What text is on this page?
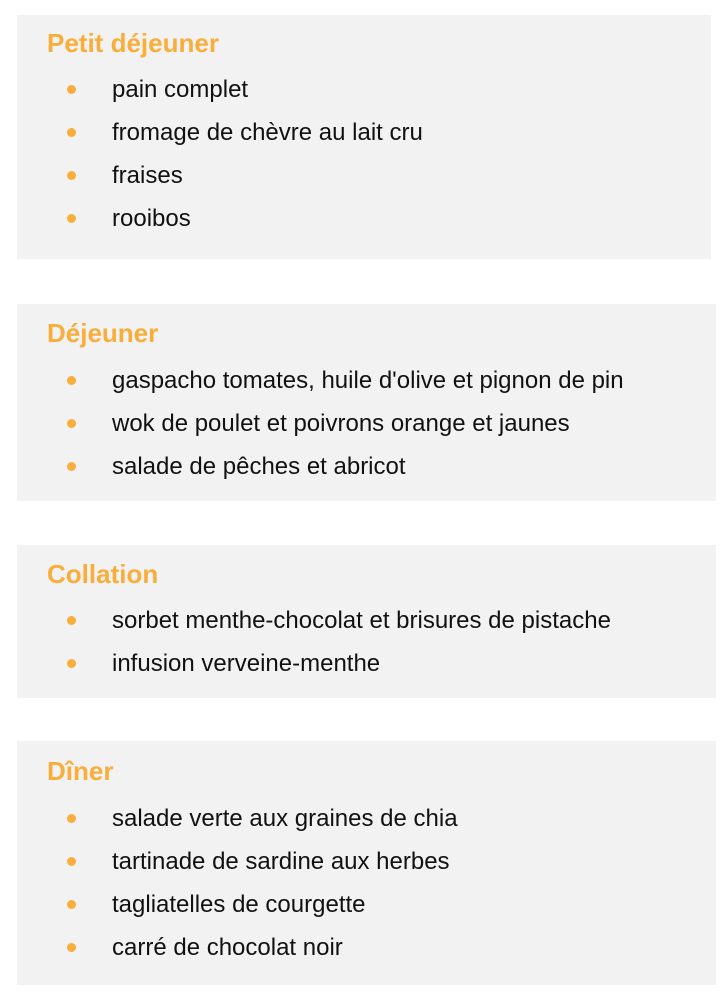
Petit déjeuner
pain complet
fromage de chèvre au lait cru
fraises
rooibos
Déjeuner
gaspacho tomates, huile d'olive et pignon de pin
wok de poulet et poivrons orange et jaunes
salade de pêches et abricot
Collation
sorbet menthe-chocolat et brisures de pistache
infusion verveine-menthe
Dîner
salade verte aux graines de chia
tartinade de sardine aux herbes
tagliatelles de courgette
carré de chocolat noir
